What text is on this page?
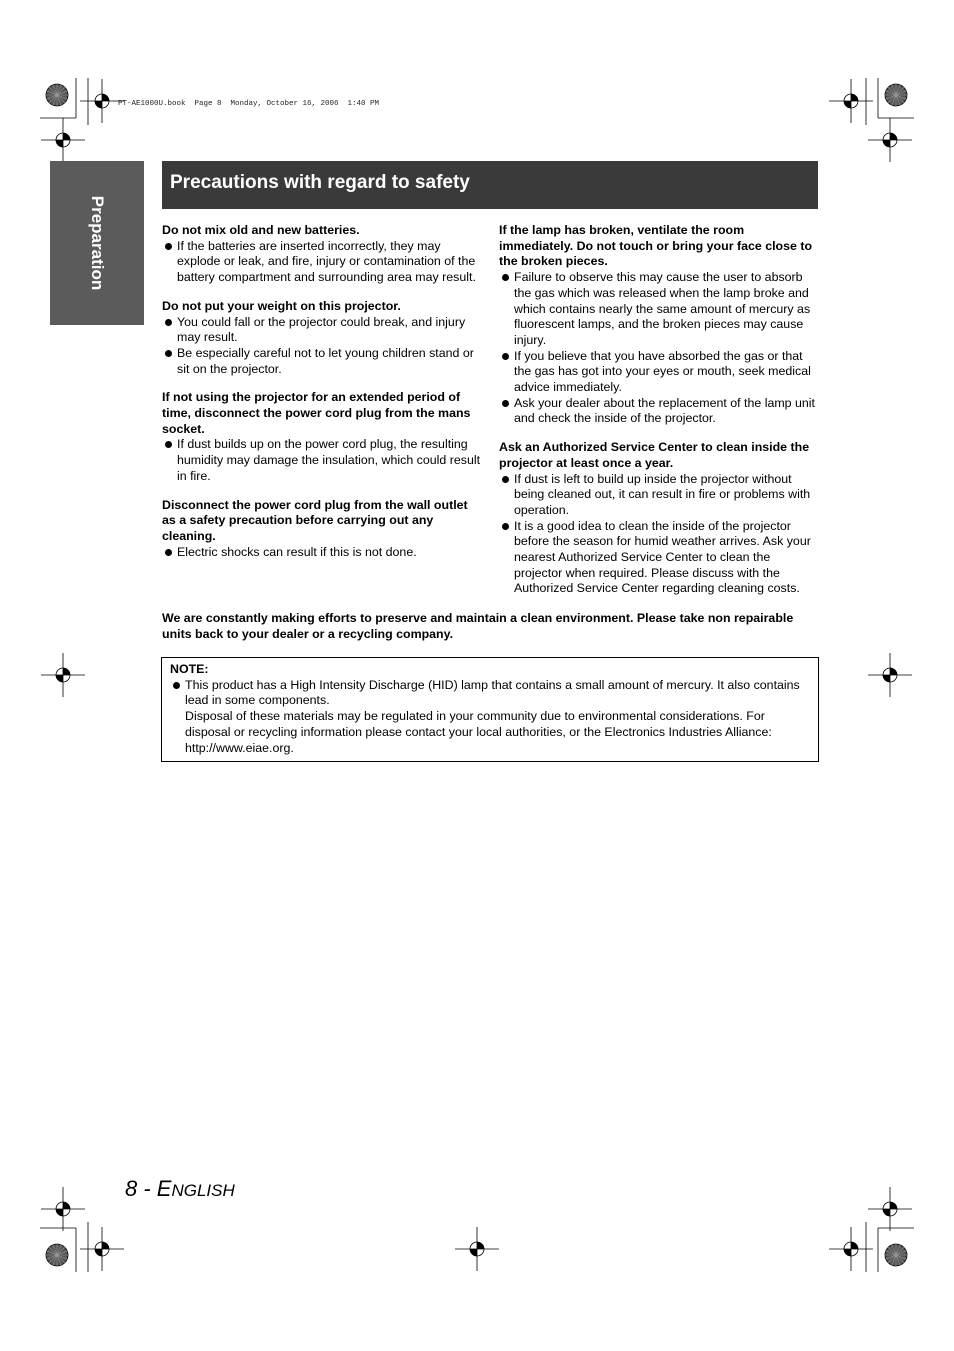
PT-AE1000U.book  Page 8  Monday, October 16, 2006  1:40 PM
Preparation
Precautions with regard to safety
Do not mix old and new batteries.
If the batteries are inserted incorrectly, they may explode or leak, and fire, injury or contamination of the battery compartment and surrounding area may result.
Do not put your weight on this projector.
You could fall or the projector could break, and injury may result.
Be especially careful not to let young children stand or sit on the projector.
If not using the projector for an extended period of time, disconnect the power cord plug from the mans socket.
If dust builds up on the power cord plug, the resulting humidity may damage the insulation, which could result in fire.
Disconnect the power cord plug from the wall outlet as a safety precaution before carrying out any cleaning.
Electric shocks can result if this is not done.
If the lamp has broken, ventilate the room immediately. Do not touch or bring your face close to the broken pieces.
Failure to observe this may cause the user to absorb the gas which was released when the lamp broke and which contains nearly the same amount of mercury as fluorescent lamps, and the broken pieces may cause injury.
If you believe that you have absorbed the gas or that the gas has got into your eyes or mouth, seek medical advice immediately.
Ask your dealer about the replacement of the lamp unit and check the inside of the projector.
Ask an Authorized Service Center to clean inside the projector at least once a year.
If dust is left to build up inside the projector without being cleaned out, it can result in fire or problems with operation.
It is a good idea to clean the inside of the projector before the season for humid weather arrives. Ask your nearest Authorized Service Center to clean the projector when required. Please discuss with the Authorized Service Center regarding cleaning costs.

We are constantly making efforts to preserve and maintain a clean environment. Please take non repairable units back to your dealer or a recycling company.

NOTE:

This product has a High Intensity Discharge (HID) lamp that contains a small amount of mercury. It also contains lead in some components.

Disposal of these materials may be regulated in your community due to environmental considerations. For disposal or recycling information please contact your local authorities, or the Electronics Industries Alliance: http://www.eiae.org.

8 - ENGLISH
